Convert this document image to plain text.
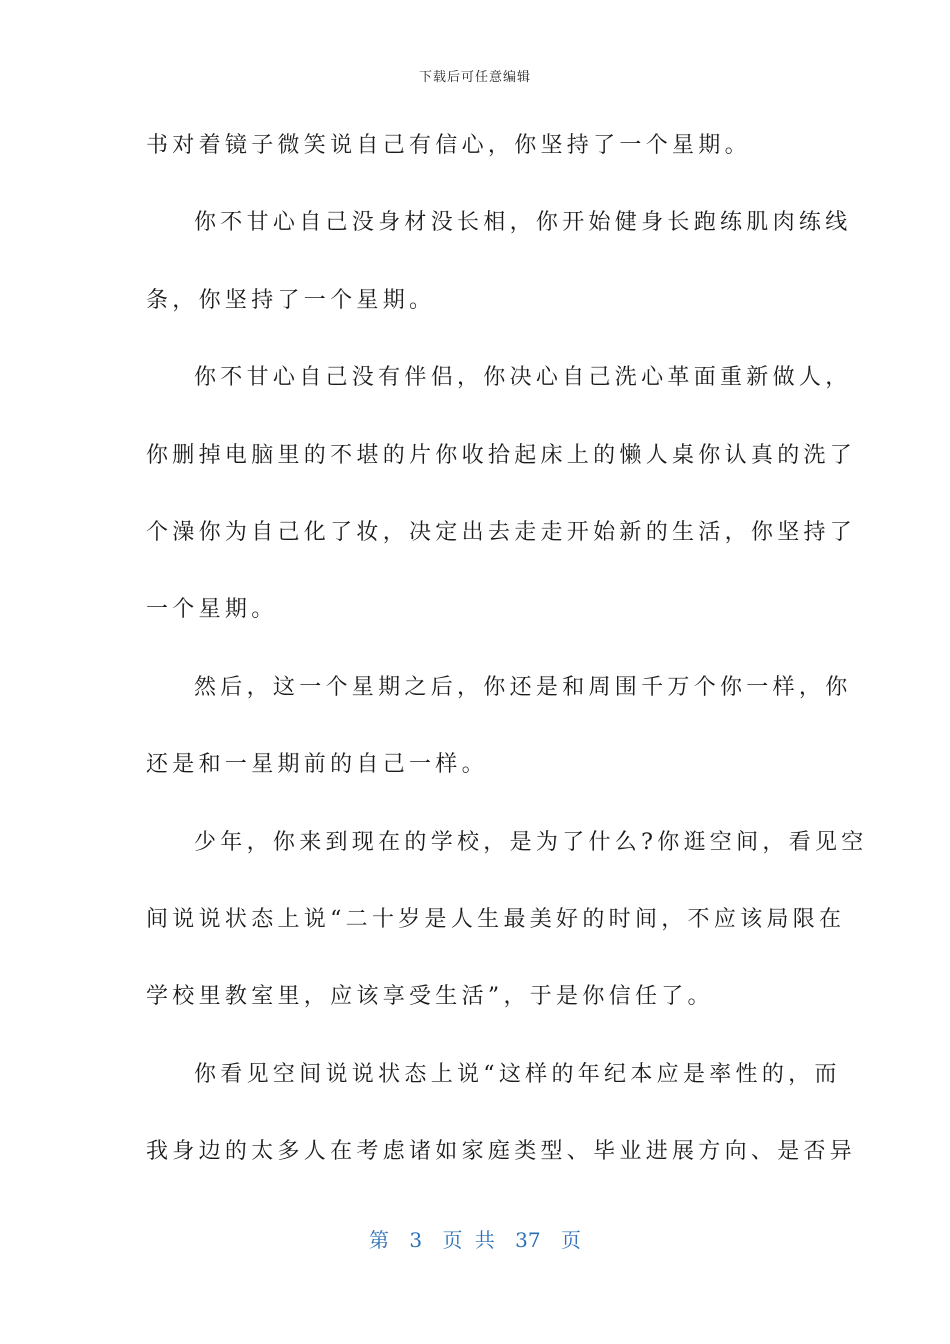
下载后可任意编辑
书对着镜子微笑说自己有信心，你坚持了一个星期。
你不甘心自己没身材没长相，你开始健身长跑练肌肉练线
条，你坚持了一个星期。
你不甘心自己没有伴侣，你决心自己洗心革面重新做人，
你删掉电脑里的不堪的片你收拾起床上的懒人桌你认真的洗了
个澡你为自己化了妆，决定出去走走开始新的生活，你坚持了
一个星期。
然后，这一个星期之后，你还是和周围千万个你一样，你
还是和一星期前的自己一样。
少年，你来到现在的学校，是为了什么?你逛空间，看见空
间说说状态上说“二十岁是人生最美好的时间，不应该局限在
学校里教室里，应该享受生活”，于是你信任了。
你看见空间说说状态上说“这样的年纪本应是率性的，而
我身边的太多人在考虑诸如家庭类型、毕业进展方向、是否异
第 3 页 共 37 页
